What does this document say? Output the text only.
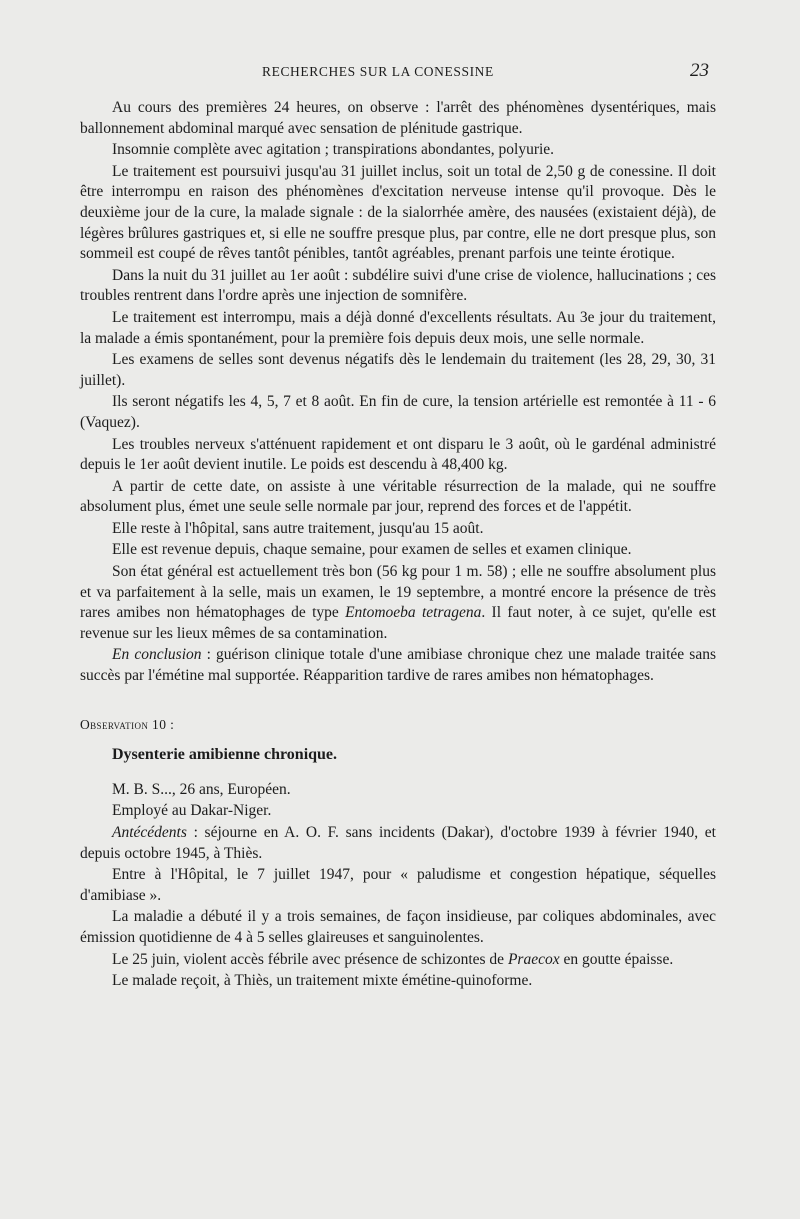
RECHERCHES SUR LA CONESSINE	23

Au cours des premières 24 heures, on observe : l'arrêt des phénomènes dysentériques, mais ballonnement abdominal marqué avec sensation de plénitude gastrique.

Insomnie complète avec agitation ; transpirations abondantes, polyurie.

Le traitement est poursuivi jusqu'au 31 juillet inclus, soit un total de 2,50 g de conessine. Il doit être interrompu en raison des phénomènes d'excitation nerveuse intense qu'il provoque. Dès le deuxième jour de la cure, la malade signale : de la sialorrhée amère, des nausées (existaient déjà), de légères brûlures gastriques et, si elle ne souffre presque plus, par contre, elle ne dort presque plus, son sommeil est coupé de rêves tantôt pénibles, tantôt agréables, prenant parfois une teinte érotique.

Dans la nuit du 31 juillet au 1er août : subdélire suivi d'une crise de violence, hallucinations ; ces troubles rentrent dans l'ordre après une injection de somnifère.

Le traitement est interrompu, mais a déjà donné d'excellents résultats. Au 3e jour du traitement, la malade a émis spontanément, pour la première fois depuis deux mois, une selle normale.

Les examens de selles sont devenus négatifs dès le lendemain du traitement (les 28, 29, 30, 31 juillet).

Ils seront négatifs les 4, 5, 7 et 8 août. En fin de cure, la tension artérielle est remontée à 11 - 6 (Vaquez).

Les troubles nerveux s'atténuent rapidement et ont disparu le 3 août, où le gardénal administré depuis le 1er août devient inutile. Le poids est descendu à 48,400 kg.

A partir de cette date, on assiste à une véritable résurrection de la malade, qui ne souffre absolument plus, émet une seule selle normale par jour, reprend des forces et de l'appétit.

Elle reste à l'hôpital, sans autre traitement, jusqu'au 15 août.

Elle est revenue depuis, chaque semaine, pour examen de selles et examen clinique.

Son état général est actuellement très bon (56 kg pour 1 m. 58) ; elle ne souffre absolument plus et va parfaitement à la selle, mais un examen, le 19 septembre, a montré encore la présence de très rares amibes non hématophages de type Entomoeba tetragena. Il faut noter, à ce sujet, qu'elle est revenue sur les lieux mêmes de sa contamination.

En conclusion : guérison clinique totale d'une amibiase chronique chez une malade traitée sans succès par l'émétine mal supportée. Réapparition tardive de rares amibes non hématophages.

Observation 10 :

Dysenterie amibienne chronique.

M. B. S..., 26 ans, Européen.

Employé au Dakar-Niger.

Antécédents : séjourne en A. O. F. sans incidents (Dakar), d'octobre 1939 à février 1940, et depuis octobre 1945, à Thiès.

Entre à l'Hôpital, le 7 juillet 1947, pour « paludisme et congestion hépatique, séquelles d'amibiase ».

La maladie a débuté il y a trois semaines, de façon insidieuse, par coliques abdominales, avec émission quotidienne de 4 à 5 selles glaireuses et sanguinolentes.

Le 25 juin, violent accès fébrile avec présence de schizontes de Praecox en goutte épaisse.

Le malade reçoit, à Thiès, un traitement mixte émétine-quinoforme.
